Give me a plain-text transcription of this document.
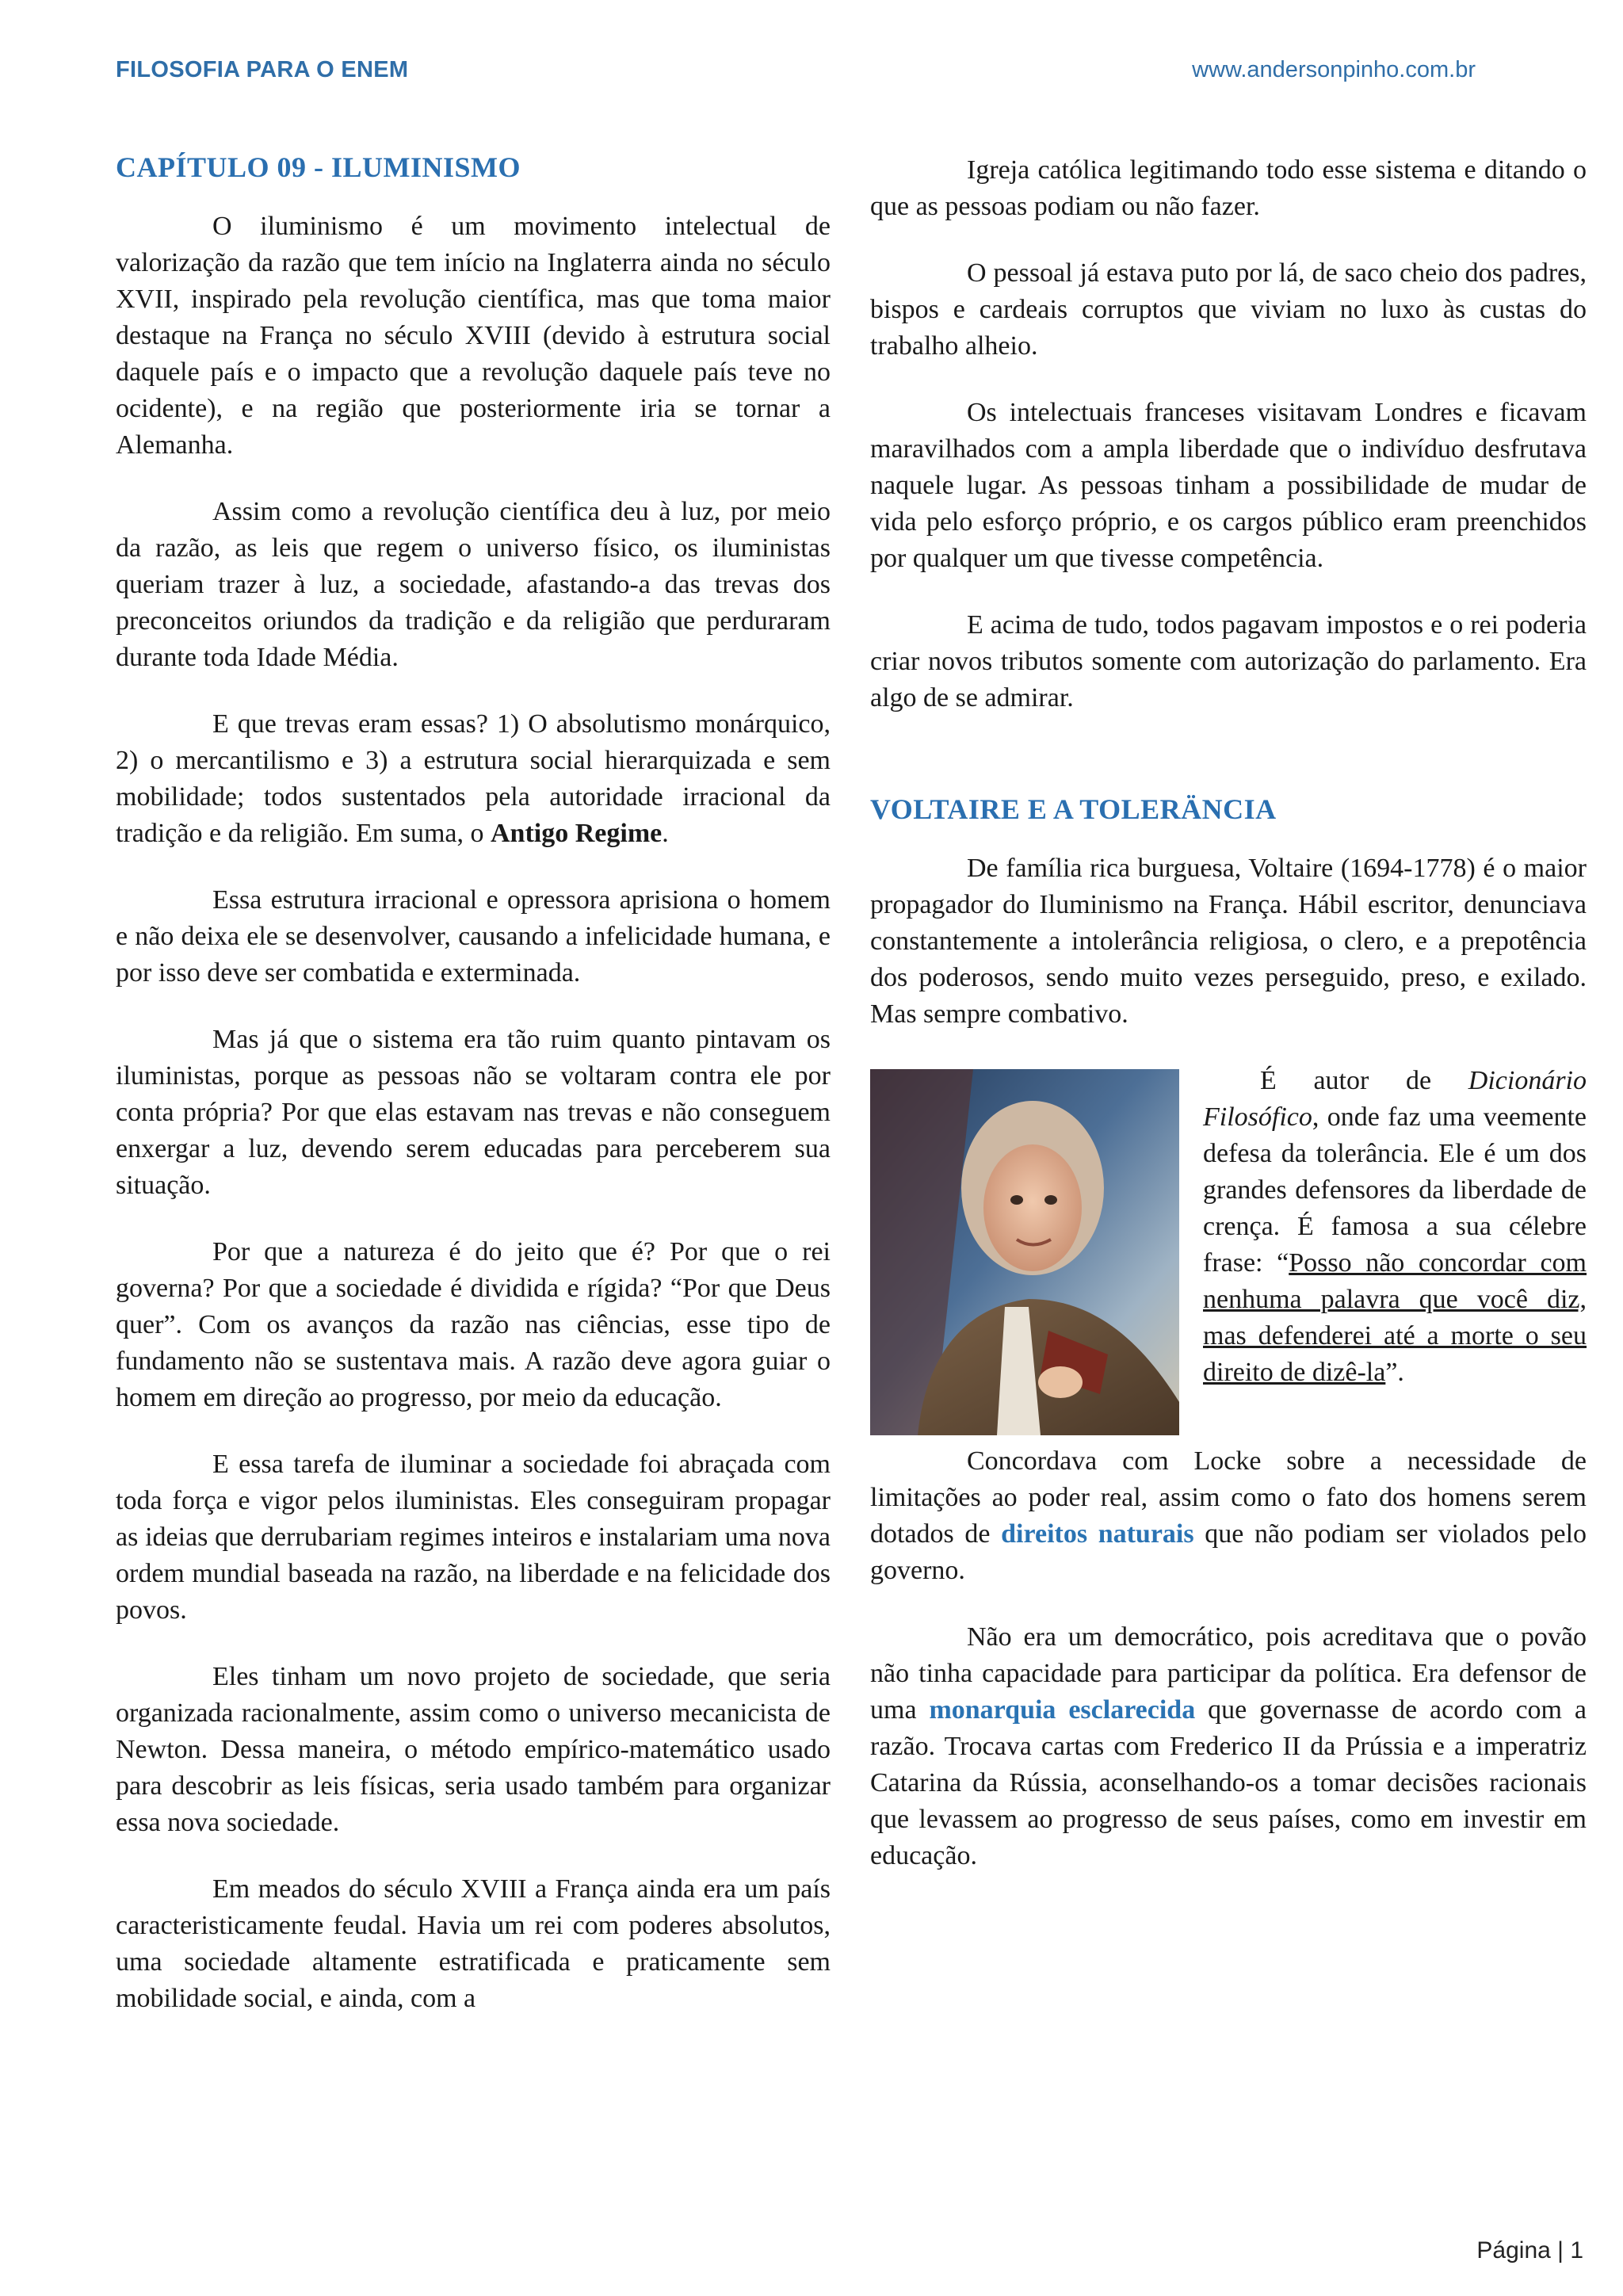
FILOSOFIA PARA O ENEM	www.andersonpinho.com.br
CAPÍTULO 09 - ILUMINISMO

O iluminismo é um movimento intelectual de valorização da razão que tem início na Inglaterra ainda no século XVII, inspirado pela revolução científica, mas que toma maior destaque na França no século XVIII (devido à estrutura social daquele país e o impacto que a revolução daquele país teve no ocidente), e na região que posteriormente iria se tornar a Alemanha.

Assim como a revolução científica deu à luz, por meio da razão, as leis que regem o universo físico, os iluministas queriam trazer à luz, a sociedade, afastando-a das trevas dos preconceitos oriundos da tradição e da religião que perduraram durante toda Idade Média.

E que trevas eram essas? 1) O absolutismo monárquico, 2) o mercantilismo e 3) a estrutura social hierarquizada e sem mobilidade; todos sustentados pela autoridade irracional da tradição e da religião. Em suma, o Antigo Regime.

Essa estrutura irracional e opressora aprisiona o homem e não deixa ele se desenvolver, causando a infelicidade humana, e por isso deve ser combatida e exterminada.

Mas já que o sistema era tão ruim quanto pintavam os iluministas, porque as pessoas não se voltaram contra ele por conta própria? Por que elas estavam nas trevas e não conseguem enxergar a luz, devendo serem educadas para perceberem sua situação.

Por que a natureza é do jeito que é? Por que o rei governa? Por que a sociedade é dividida e rígida? “Por que Deus quer”. Com os avanços da razão nas ciências, esse tipo de fundamento não se sustentava mais. A razão deve agora guiar o homem em direção ao progresso, por meio da educação.

E essa tarefa de iluminar a sociedade foi abraçada com toda força e vigor pelos iluministas. Eles conseguiram propagar as ideias que derrubariam regimes inteiros e instalariam uma nova ordem mundial baseada na razão, na liberdade e na felicidade dos povos.

Eles tinham um novo projeto de sociedade, que seria organizada racionalmente, assim como o universo mecanicista de Newton. Dessa maneira, o método empírico-matemático usado para descobrir as leis físicas, seria usado também para organizar essa nova sociedade.

Em meados do século XVIII a França ainda era um país caracteristicamente feudal. Havia um rei com poderes absolutos, uma sociedade altamente estratificada e praticamente sem mobilidade social, e ainda, com a

Igreja católica legitimando todo esse sistema e ditando o que as pessoas podiam ou não fazer.

O pessoal já estava puto por lá, de saco cheio dos padres, bispos e cardeais corruptos que viviam no luxo às custas do trabalho alheio.

Os intelectuais franceses visitavam Londres e ficavam maravilhados com a ampla liberdade que o indivíduo desfrutava naquele lugar. As pessoas tinham a possibilidade de mudar de vida pelo esforço próprio, e os cargos público eram preenchidos por qualquer um que tivesse competência.

E acima de tudo, todos pagavam impostos e o rei poderia criar novos tributos somente com autorização do parlamento. Era algo de se admirar.

VOLTAIRE E A TOLERÄNCIA

De família rica burguesa, Voltaire (1694-1778) é o maior propagador do Iluminismo na França. Hábil escritor, denunciava constantemente a intolerância religiosa, o clero, e a prepotência dos poderosos, sendo muito vezes perseguido, preso, e exilado. Mas sempre combativo.

É autor de Dicionário Filosófico, onde faz uma veemente defesa da tolerância. Ele é um dos grandes defensores da liberdade de crença. É famosa a sua célebre frase: “Posso não concordar com nenhuma palavra que você diz, mas defenderei até a morte o seu direito de dizê-la”.

Concordava com Locke sobre a necessidade de limitações ao poder real, assim como o fato dos homens serem dotados de direitos naturais que não podiam ser violados pelo governo.

Não era um democrático, pois acreditava que o povão não tinha capacidade para participar da política. Era defensor de uma monarquia esclarecida que governasse de acordo com a razão. Trocava cartas com Frederico II da Prússia e a imperatriz Catarina da Rússia, aconselhando-os a tomar decisões racionais que levassem ao progresso de seus países, como em investir em educação.

Página | 1
